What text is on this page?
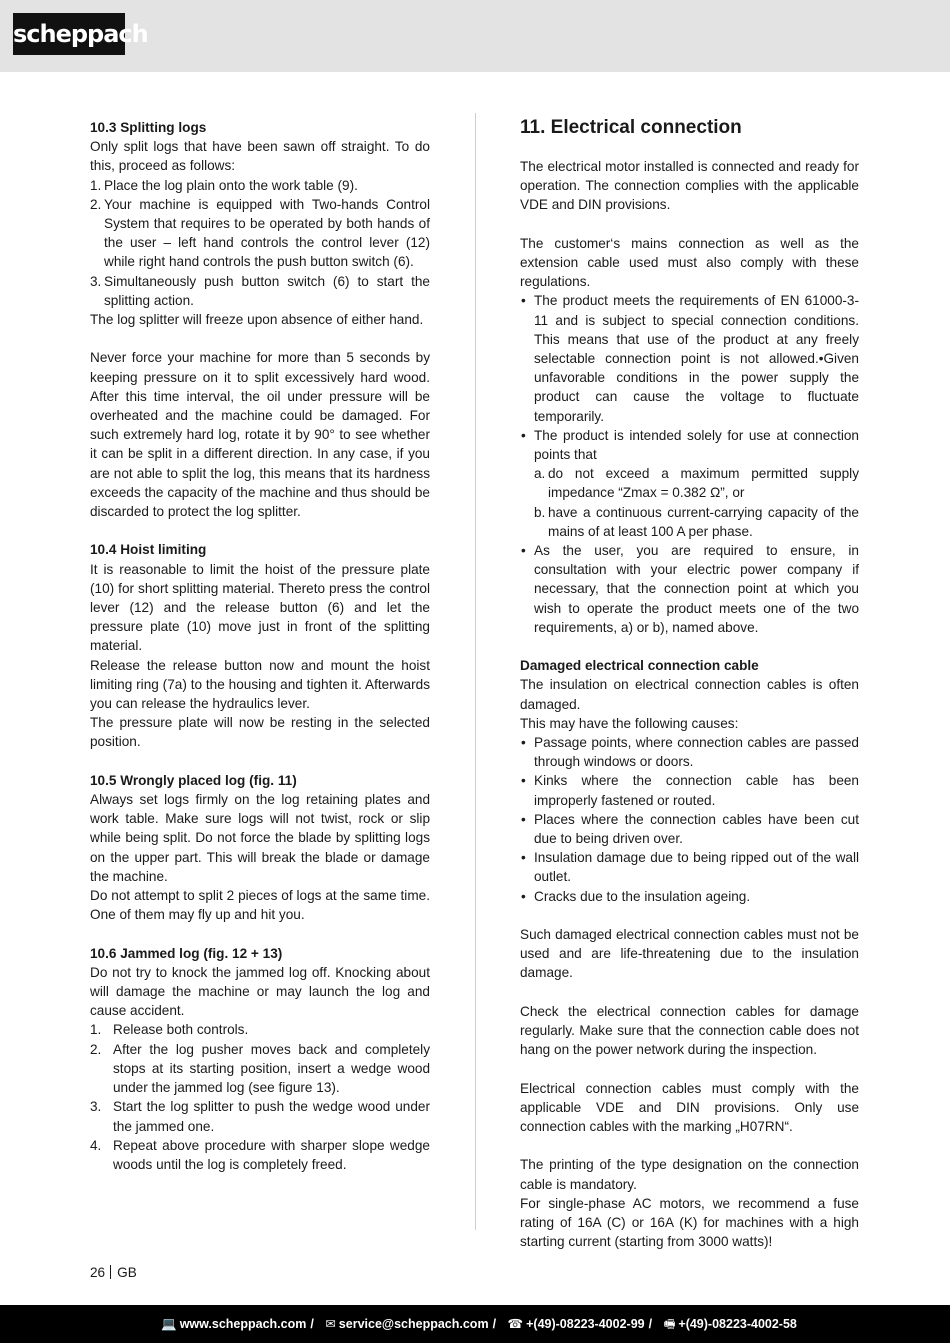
scheppach
10.3 Splitting logs

Only split logs that have been sawn off straight. To do this, proceed as follows:

1. Place the log plain onto the work table (9).
2. Your machine is equipped with Two-hands Control System that requires to be operated by both hands of the user – left hand controls the control lever (12) while right hand controls the push button switch (6).
3. Simultaneously push button switch (6) to start the splitting action.

The log splitter will freeze upon absence of either hand.

Never force your machine for more than 5 seconds by keeping pressure on it to split excessively hard wood. After this time interval, the oil under pressure will be overheated and the machine could be damaged. For such extremely hard log, rotate it by 90° to see whether it can be split in a different direction. In any case, if you are not able to split the log, this means that its hardness exceeds the capacity of the machine and thus should be discarded to protect the log splitter.

10.4 Hoist limiting

It is reasonable to limit the hoist of the pressure plate (10) for short splitting material. Thereto press the control lever (12) and the release button (6) and let the pressure plate (10) move just in front of the splitting material.

Release the release button now and mount the hoist limiting ring (7a) to the housing and tighten it. Afterwards you can release the hydraulics lever.

The pressure plate will now be resting in the selected position.

10.5 Wrongly placed log (fig. 11)

Always set logs firmly on the log retaining plates and work table. Make sure logs will not twist, rock or slip while being split. Do not force the blade by splitting logs on the upper part. This will break the blade or damage the machine.

Do not attempt to split 2 pieces of logs at the same time. One of them may fly up and hit you.

10.6 Jammed log (fig. 12 + 13)

Do not try to knock the jammed log off. Knocking about will damage the machine or may launch the log and cause accident.

1. Release both controls.
2. After the log pusher moves back and completely stops at its starting position, insert a wedge wood under the jammed log (see figure 13).
3. Start the log splitter to push the wedge wood under the jammed one.
4. Repeat above procedure with sharper slope wedge woods until the log is completely freed.
11. Electrical connection

The electrical motor installed is connected and ready for operation. The connection complies with the applicable VDE and DIN provisions.

The customer‘s mains connection as well as the extension cable used must also comply with these regulations.

• The product meets the requirements of EN 61000-3-11 and is subject to special connection conditions. This means that use of the product at any freely selectable connection point is not allowed.•Given unfavorable conditions in the power supply the product can cause the voltage to fluctuate temporarily.
• The product is intended solely for use at connection points that
a. do not exceed a maximum permitted supply impedance “Zmax = 0.382 Ω”, or
b. have a continuous current-carrying capacity of the mains of at least 100 A per phase.
• As the user, you are required to ensure, in consultation with your electric power company if necessary, that the connection point at which you wish to operate the product meets one of the two requirements, a) or b), named above.
Damaged electrical connection cable

The insulation on electrical connection cables is often damaged.

This may have the following causes:

• Passage points, where connection cables are passed through windows or doors.
• Kinks where the connection cable has been improperly fastened or routed.
• Places where the connection cables have been cut due to being driven over.
• Insulation damage due to being ripped out of the wall outlet.
• Cracks due to the insulation ageing.

Such damaged electrical connection cables must not be used and are life-threatening due to the insulation damage.

Check the electrical connection cables for damage regularly. Make sure that the connection cable does not hang on the power network during the inspection.

Electrical connection cables must comply with the applicable VDE and DIN provisions. Only use connection cables with the marking „H07RN“.

The printing of the type designation on the connection cable is mandatory.

For single-phase AC motors, we recommend a fuse rating of 16A (C) or 16A (K) for machines with a high starting current (starting from 3000 watts)!

26 GB
💻 www.scheppach.com / ✉ service@scheppach.com / ☎ +(49)-08223-4002-99 / 🖷 +(49)-08223-4002-58
